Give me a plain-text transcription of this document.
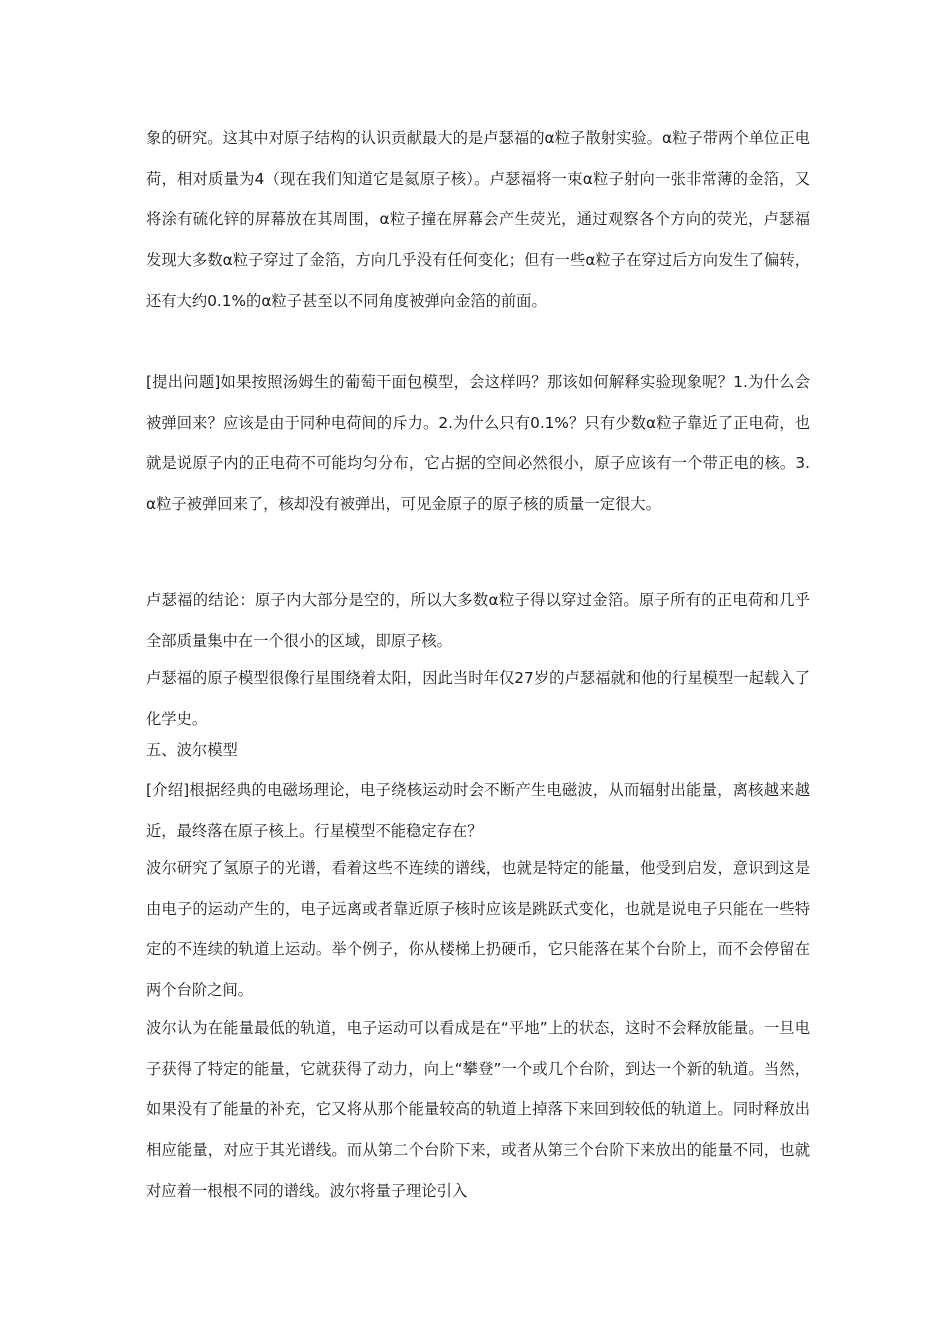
象的研究。这其中对原子结构的认识贡献最大的是卢瑟福的α粒子散射实验。α粒子带两个单位正电荷，相对质量为4（现在我们知道它是氦原子核）。卢瑟福将一束α粒子射向一张非常薄的金箔，又将涂有硫化锌的屏幕放在其周围，α粒子撞在屏幕会产生荧光，通过观察各个方向的荧光，卢瑟福发现大多数α粒子穿过了金箔，方向几乎没有任何变化；但有一些α粒子在穿过后方向发生了偏转，还有大约0.1%的α粒子甚至以不同角度被弹向金箔的前面。

[提出问题]如果按照汤姆生的葡萄干面包模型，会这样吗？那该如何解释实验现象呢？1.为什么会被弹回来？应该是由于同种电荷间的斥力。2.为什么只有0.1%？只有少数α粒子靠近了正电荷，也就是说原子内的正电荷不可能均匀分布，它占据的空间必然很小，原子应该有一个带正电的核。3.α粒子被弹回来了，核却没有被弹出，可见金原子的原子核的质量一定很大。

卢瑟福的结论：原子内大部分是空的，所以大多数α粒子得以穿过金箔。原子所有的正电荷和几乎全部质量集中在一个很小的区域，即原子核。

卢瑟福的原子模型很像行星围绕着太阳，因此当时年仅27岁的卢瑟福就和他的行星模型一起载入了化学史。

五、波尔模型

[介绍]根据经典的电磁场理论，电子绕核运动时会不断产生电磁波，从而辐射出能量，离核越来越近，最终落在原子核上。行星模型不能稳定存在？

波尔研究了氢原子的光谱，看着这些不连续的谱线，也就是特定的能量，他受到启发，意识到这是由电子的运动产生的，电子远离或者靠近原子核时应该是跳跃式变化，也就是说电子只能在一些特定的不连续的轨道上运动。举个例子，你从楼梯上扔硬币，它只能落在某个台阶上，而不会停留在两个台阶之间。

波尔认为在能量最低的轨道，电子运动可以看成是在“平地”上的状态，这时不会释放能量。一旦电子获得了特定的能量，它就获得了动力，向上“攀登”一个或几个台阶，到达一个新的轨道。当然，如果没有了能量的补充，它又将从那个能量较高的轨道上掉落下来回到较低的轨道上。同时释放出相应能量，对应于其光谱线。而从第二个台阶下来，或者从第三个台阶下来放出的能量不同，也就对应着一根根不同的谱线。波尔将量子理论引入
